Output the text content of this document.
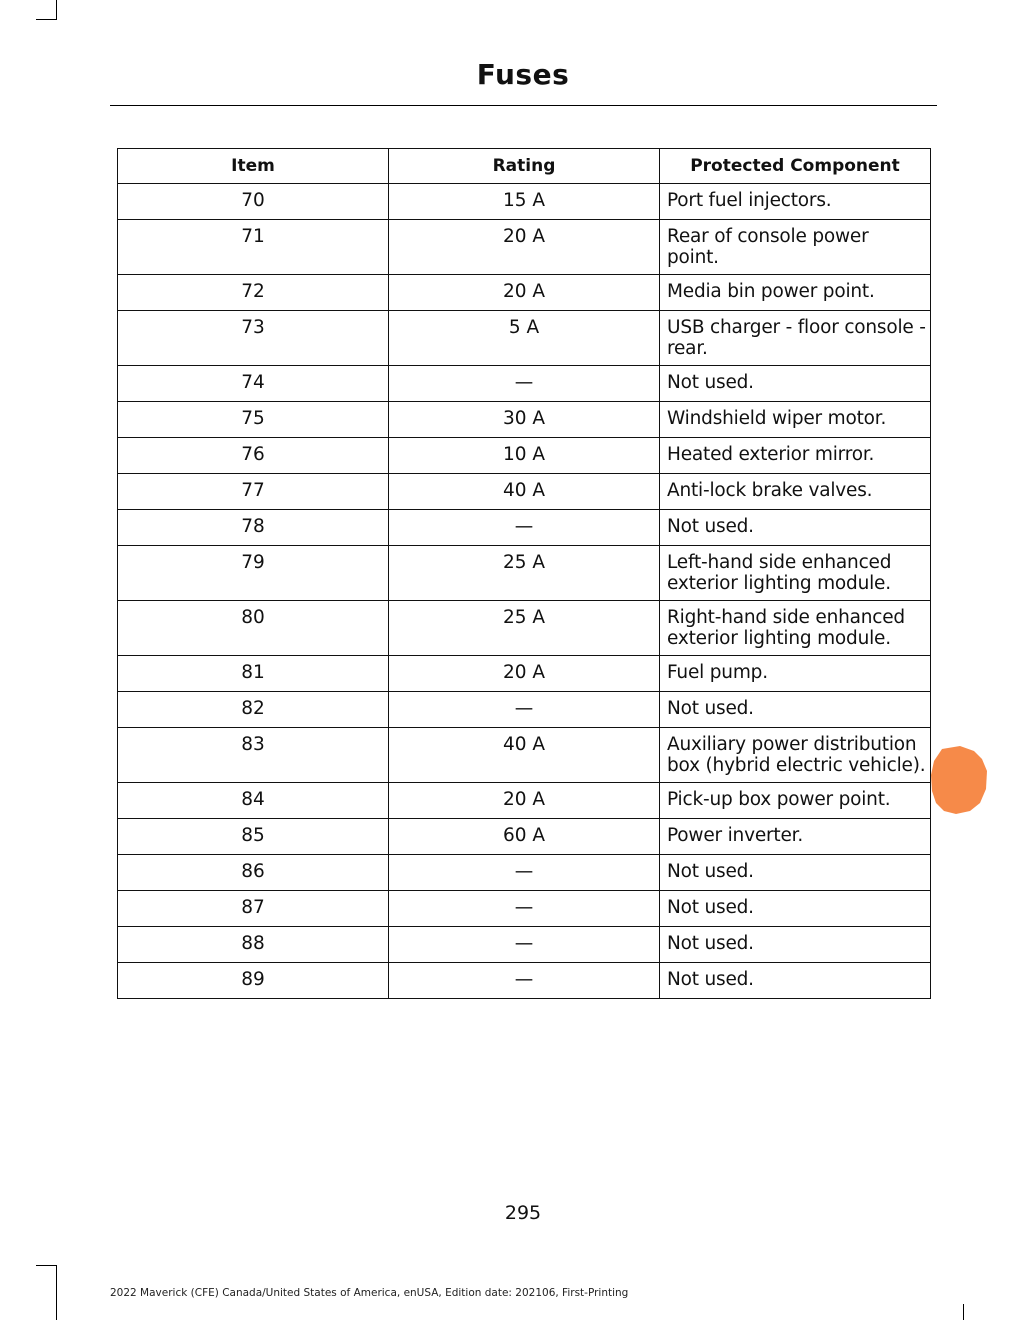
Fuses
Item	Rating	Protected Component
70	15 A	Port fuel injectors.
71	20 A	Rear of console power point.
72	20 A	Media bin power point.
73	5 A	USB charger - floor console - rear.
74	—	Not used.
75	30 A	Windshield wiper motor.
76	10 A	Heated exterior mirror.
77	40 A	Anti-lock brake valves.
78	—	Not used.
79	25 A	Left-hand side enhanced exterior lighting module.
80	25 A	Right-hand side enhanced exterior lighting module.
81	20 A	Fuel pump.
82	—	Not used.
83	40 A	Auxiliary power distribution box (hybrid electric vehicle).
84	20 A	Pick-up box power point.
85	60 A	Power inverter.
86	—	Not used.
87	—	Not used.
88	—	Not used.
89	—	Not used.
295
2022 Maverick (CFE) Canada/United States of America, enUSA, Edition date: 202106, First-Printing
